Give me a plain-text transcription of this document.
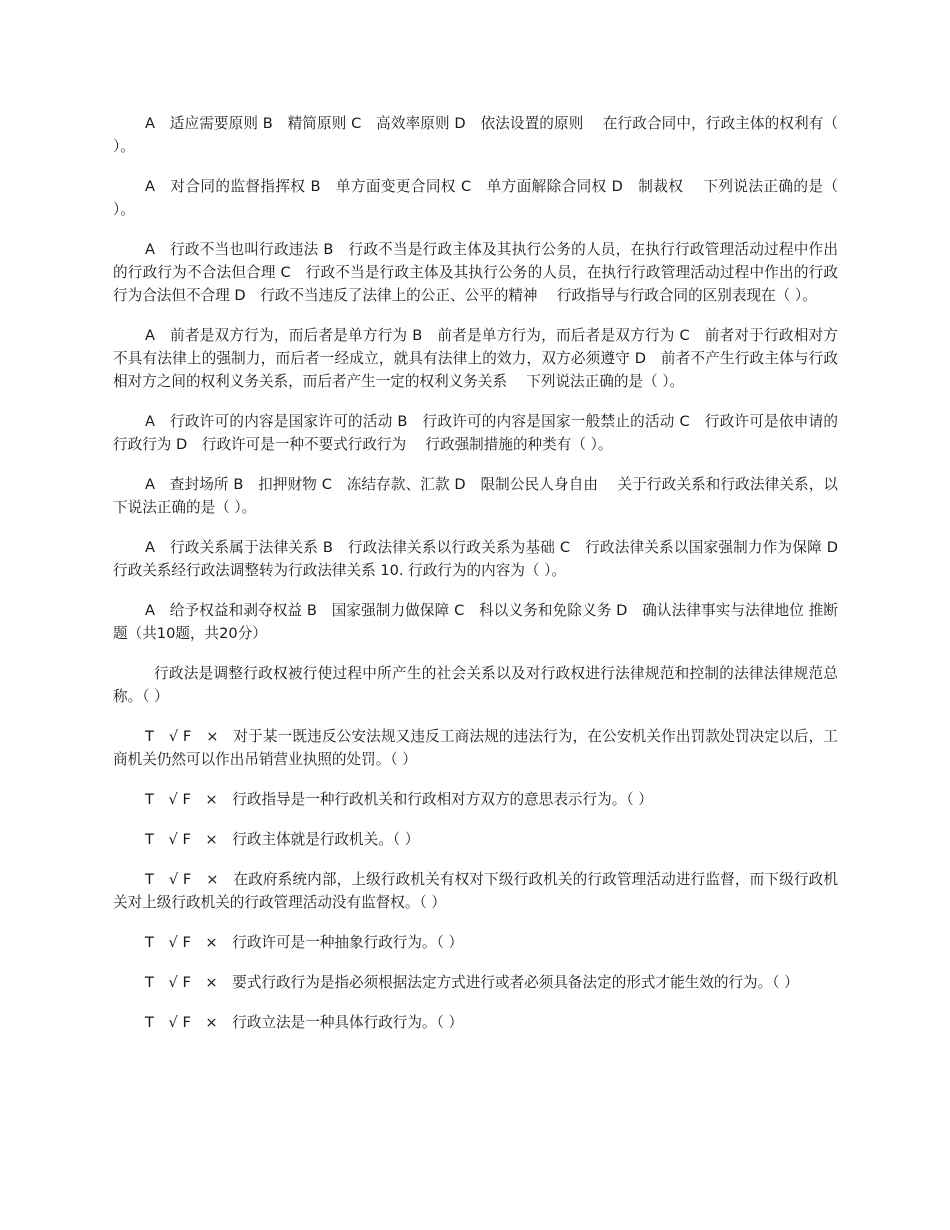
A　适应需要原则 B　精简原则 C　高效率原则 D　依法设置的原则　 在行政合同中，行政主体的权利有（ ）。

A　对合同的监督指挥权 B　单方面变更合同权 C　单方面解除合同权 D　制裁权　 下列说法正确的是（ ）。

A　行政不当也叫行政违法 B　行政不当是行政主体及其执行公务的人员，在执行行政管理活动过程中作出的行政行为不合法但合理 C　行政不当是行政主体及其执行公务的人员，在执行行政管理活动过程中作出的行政行为合法但不合理 D　行政不当违反了法律上的公正、公平的精神　 行政指导与行政合同的区别表现在（ ）。

A　前者是双方行为，而后者是单方行为 B　前者是单方行为，而后者是双方行为 C　前者对于行政相对方不具有法律上的强制力，而后者一经成立，就具有法律上的效力，双方必须遵守 D　前者不产生行政主体与行政相对方之间的权利义务关系，而后者产生一定的权利义务关系　 下列说法正确的是（ ）。

A　行政许可的内容是国家许可的活动 B　行政许可的内容是国家一般禁止的活动 C　行政许可是依申请的行政行为 D　行政许可是一种不要式行政行为　 行政强制措施的种类有（ ）。

A　查封场所 B　扣押财物 C　冻结存款、汇款 D　限制公民人身自由　 关于行政关系和行政法律关系，以下说法正确的是（ ）。

A　行政关系属于法律关系 B　行政法律关系以行政关系为基础 C　行政法律关系以国家强制力作为保障 D　行政关系经行政法调整转为行政法律关系 10. 行政行为的内容为（ ）。

A　给予权益和剥夺权益 B　国家强制力做保障 C　科以义务和免除义务 D　确认法律事实与法律地位 推断题（共10题，共20分）

行政法是调整行政权被行使过程中所产生的社会关系以及对行政权进行法律规范和控制的法律法律规范总称。（ ）

T　√ F　×　对于某一既违反公安法规又违反工商法规的违法行为，在公安机关作出罚款处罚决定以后，工商机关仍然可以作出吊销营业执照的处罚。（ ）

T　√ F　×　行政指导是一种行政机关和行政相对方双方的意思表示行为。（ ）

T　√ F　×　行政主体就是行政机关。（ ）

T　√ F　×　在政府系统内部，上级行政机关有权对下级行政机关的行政管理活动进行监督，而下级行政机关对上级行政机关的行政管理活动没有监督权。（ ）

T　√ F　×　行政许可是一种抽象行政行为。（ ）

T　√ F　×　要式行政行为是指必须根据法定方式进行或者必须具备法定的形式才能生效的行为。（ ）

T　√ F　×　行政立法是一种具体行政行为。（ ）
